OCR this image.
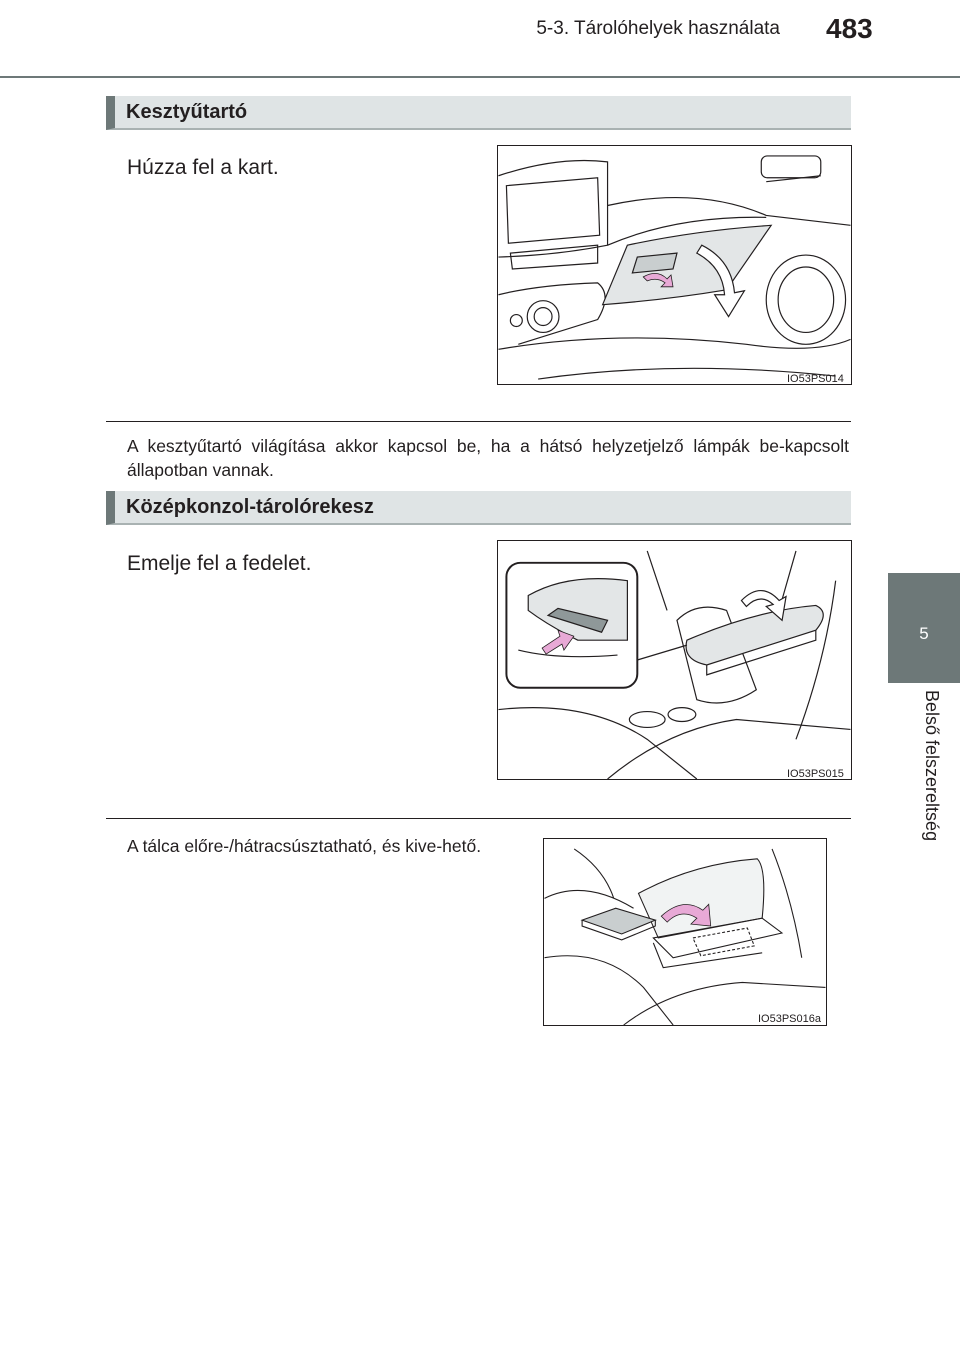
5-3. Tárolóhelyek használata 483
5
Belső felszereltség
Kesztyűtartó
Húzza fel a kart.
IO53PS014
A kesztyűtartó világítása akkor kapcsol be, ha a hátsó helyzetjelző lámpák be-kapcsolt állapotban vannak.
Középkonzol-tárolórekesz
Emelje fel a fedelet.
IO53PS015
A tálca előre-/hátracsúsztatható, és kive-hető.
IO53PS016a
